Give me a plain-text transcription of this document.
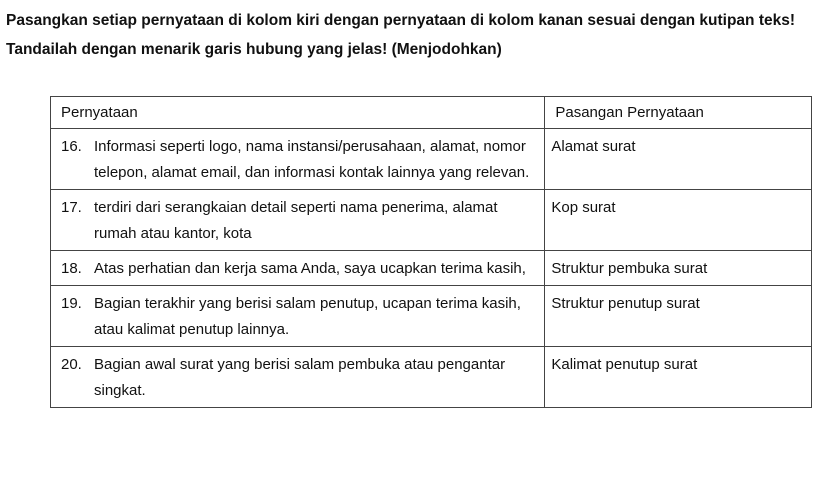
Pasangkan setiap pernyataan di kolom kiri dengan pernyataan di kolom kanan sesuai dengan kutipan teks! Tandailah dengan menarik garis hubung yang jelas! (Menjodohkan)

Pernyataan	Pasangan Pernyataan

16. Informasi seperti logo, nama instansi/perusahaan, alamat, nomor telepon, alamat email, dan informasi kontak lainnya yang relevan.	Alamat surat

17. terdiri dari serangkaian detail seperti nama penerima, alamat rumah atau kantor, kota	Kop surat

18. Atas perhatian dan kerja sama Anda, saya ucapkan terima kasih,	Struktur pembuka surat

19. Bagian terakhir yang berisi salam penutup, ucapan terima kasih, atau kalimat penutup lainnya.	Struktur penutup surat

20. Bagian awal surat yang berisi salam pembuka atau pengantar singkat.	Kalimat penutup surat
